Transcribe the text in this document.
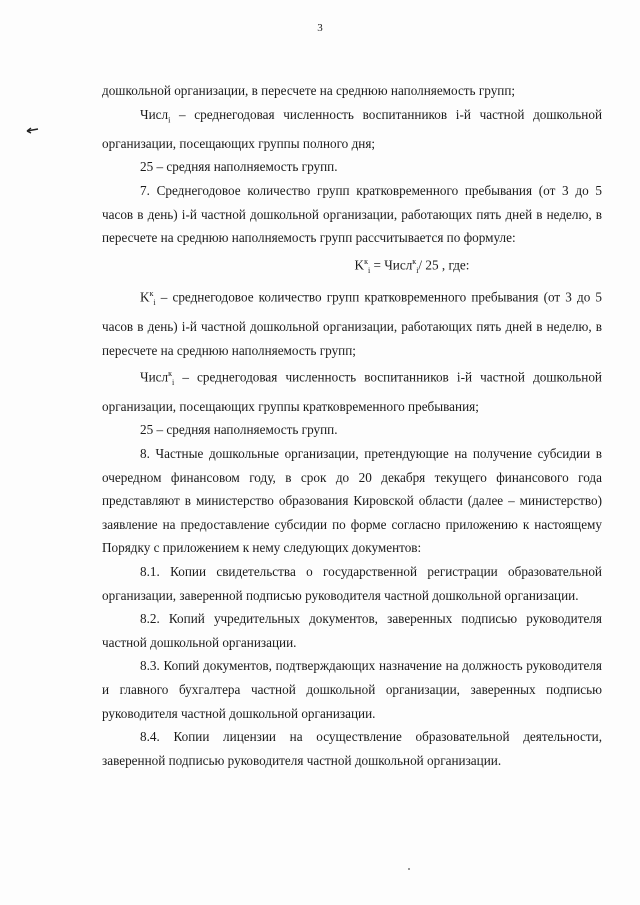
3

дошкольной организации, в пересчете на среднюю наполняемость групп;

Числ$_i$ – среднегодовая численность воспитанников i-й частной дошкольной организации, посещающих группы полного дня;

25 – средняя наполняемость групп.

7. Среднегодовое количество групп кратковременного пребывания (от 3 до 5 часов в день) i-й частной дошкольной организации, работающих пять дней в неделю, в пересчете на среднюю наполняемость групп рассчитывается по формуле:

$K^к_i$ = Числ$^к_i$/ 25 , где:

$K^к_i$ – среднегодовое количество групп кратковременного пребывания (от 3 до 5 часов в день) i-й частной дошкольной организации, работающих пять дней в неделю, в пересчете на среднюю наполняемость групп;

Числ$^к_i$ – среднегодовая численность воспитанников i-й частной дошкольной организации, посещающих группы кратковременного пребывания;

25 – средняя наполняемость групп.

8. Частные дошкольные организации, претендующие на получение субсидии в очередном финансовом году, в срок до 20 декабря текущего финансового года представляют в министерство образования Кировской области (далее – министерство) заявление на предоставление субсидии по форме согласно приложению к настоящему Порядку с приложением к нему следующих документов:

8.1. Копии свидетельства о государственной регистрации образовательной организации, заверенной подписью руководителя частной дошкольной организации.

8.2. Копий учредительных документов, заверенных подписью руководителя частной дошкольной организации.

8.3. Копий документов, подтверждающих назначение на должность руководителя и главного бухгалтера частной дошкольной организации, заверенных подписью руководителя частной дошкольной организации.

8.4. Копии лицензии на осуществление образовательной деятельности, заверенной подписью руководителя частной дошкольной организации.
